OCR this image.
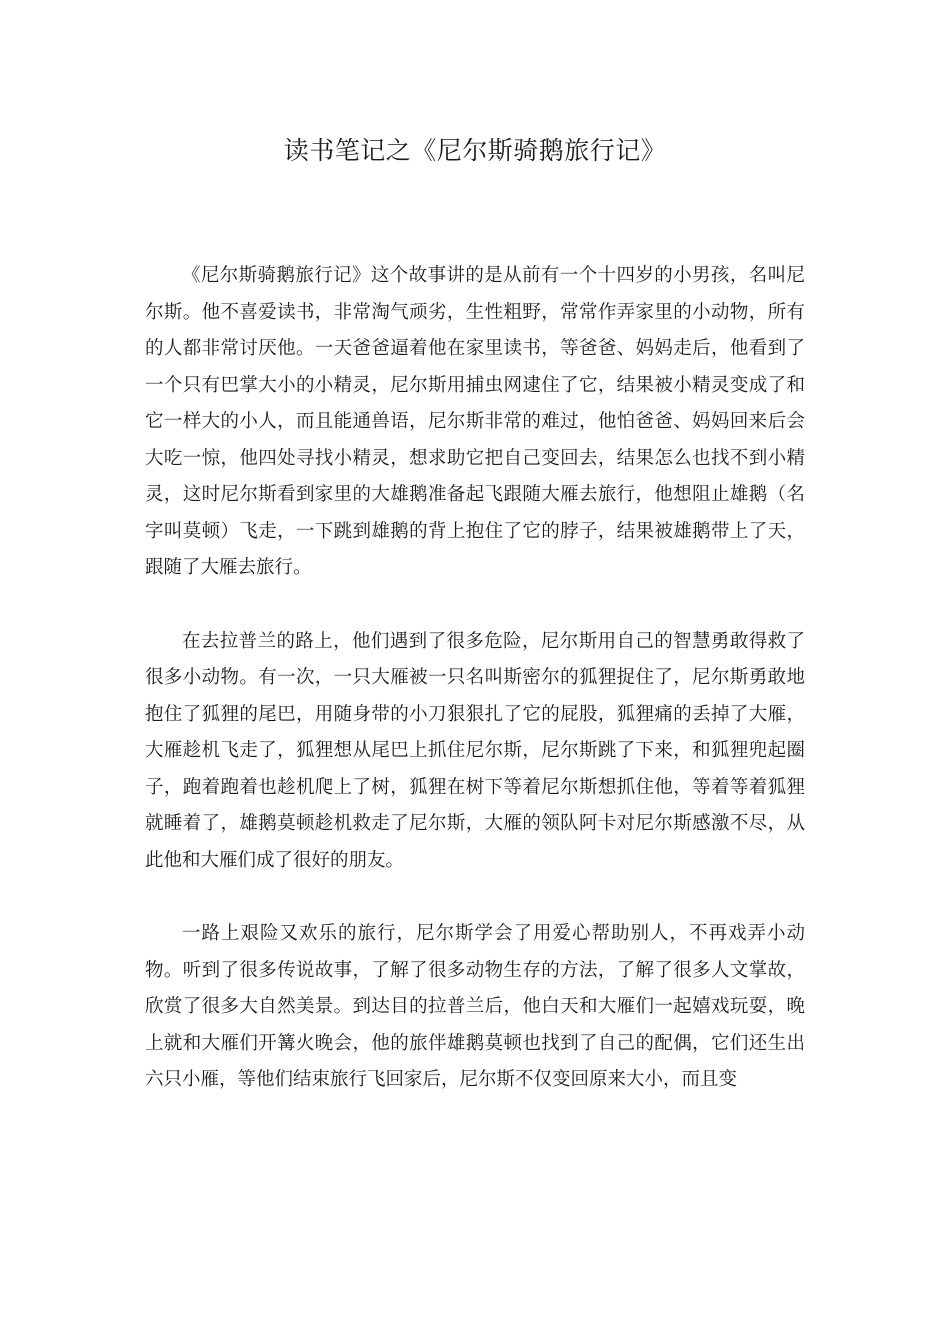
读书笔记之《尼尔斯骑鹅旅行记》

《尼尔斯骑鹅旅行记》这个故事讲的是从前有一个十四岁的小男孩，名叫尼尔斯。他不喜爱读书，非常淘气顽劣，生性粗野，常常作弄家里的小动物，所有的人都非常讨厌他。一天爸爸逼着他在家里读书，等爸爸、妈妈走后，他看到了一个只有巴掌大小的小精灵，尼尔斯用捕虫网逮住了它，结果被小精灵变成了和它一样大的小人，而且能通兽语，尼尔斯非常的难过，他怕爸爸、妈妈回来后会大吃一惊，他四处寻找小精灵，想求助它把自己变回去，结果怎么也找不到小精灵，这时尼尔斯看到家里的大雄鹅准备起飞跟随大雁去旅行，他想阻止雄鹅（名字叫莫顿）飞走，一下跳到雄鹅的背上抱住了它的脖子，结果被雄鹅带上了天，跟随了大雁去旅行。

在去拉普兰的路上，他们遇到了很多危险，尼尔斯用自己的智慧勇敢得救了很多小动物。有一次，一只大雁被一只名叫斯密尔的狐狸捉住了，尼尔斯勇敢地抱住了狐狸的尾巴，用随身带的小刀狠狠扎了它的屁股，狐狸痛的丢掉了大雁，大雁趁机飞走了，狐狸想从尾巴上抓住尼尔斯，尼尔斯跳了下来，和狐狸兜起圈子，跑着跑着也趁机爬上了树，狐狸在树下等着尼尔斯想抓住他，等着等着狐狸就睡着了，雄鹅莫顿趁机救走了尼尔斯，大雁的领队阿卡对尼尔斯感激不尽，从此他和大雁们成了很好的朋友。

一路上艰险又欢乐的旅行，尼尔斯学会了用爱心帮助别人，不再戏弄小动物。听到了很多传说故事，了解了很多动物生存的方法，了解了很多人文掌故，欣赏了很多大自然美景。到达目的拉普兰后，他白天和大雁们一起嬉戏玩耍，晚上就和大雁们开篝火晚会，他的旅伴雄鹅莫顿也找到了自己的配偶，它们还生出六只小雁，等他们结束旅行飞回家后，尼尔斯不仅变回原来大小，而且变
